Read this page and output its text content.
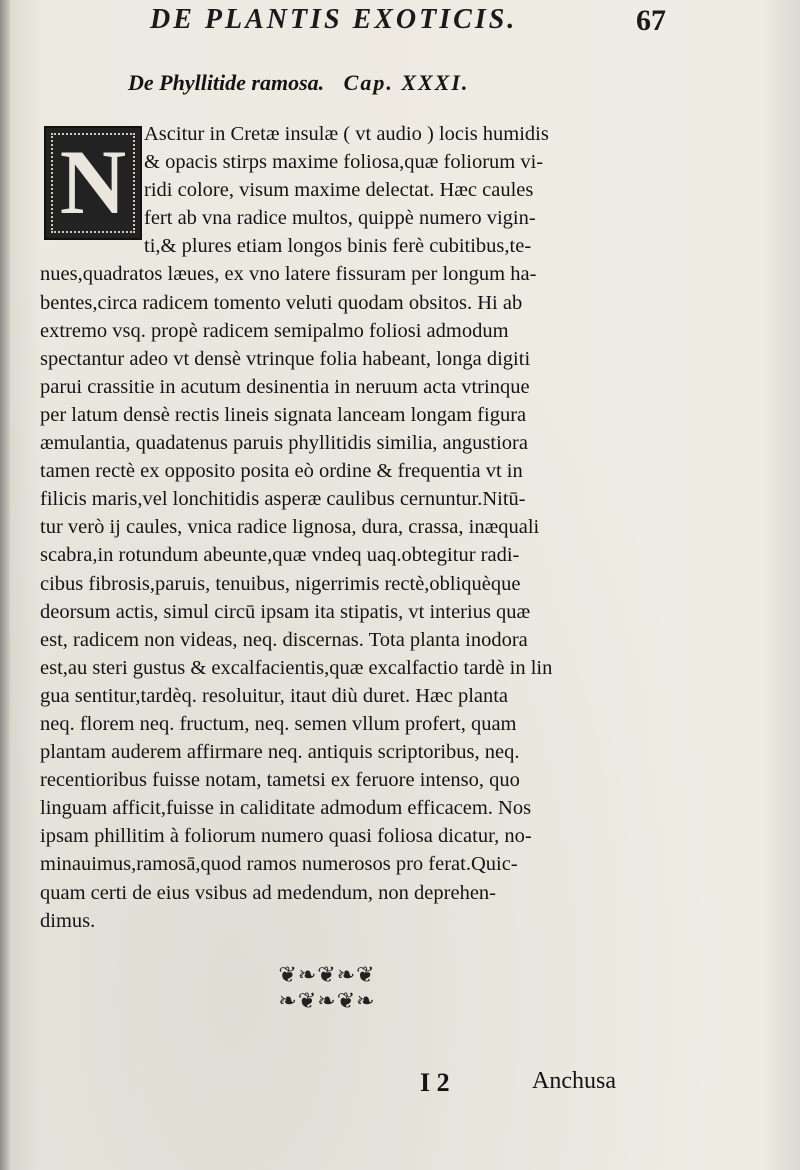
DE PLANTIS EXOTICIS.	67
De Phyllitide ramosa. Cap. XXXI.
N Ascitur in Cretæ insulæ ( vt audio ) locis humidis
& opacis stirps maxime foliosa,quæ foliorum vi-
ridi colore, visum maxime delectat. Hæc caules
fert ab vna radice multos, quippè numero vigin-
ti,& plures etiam longos binis ferè cubitibus,te-
nues,quadratos læues, ex vno latere fissuram per longum ha-
bentes,circa radicem tomento veluti quodam obsitos. Hi ab
extremo vsq. propè radicem semipalmo foliosi admodum
spectantur adeo vt densè vtrinque folia habeant, longa digiti
parui crassitie in acutum desinentia in neruum acta vtrinque
per latum densè rectis lineis signata lanceam longam figura
æmulantia, quadatenus paruis phyllitidis similia, angustiora
tamen rectè ex opposito posita eò ordine & frequentia vt in
filicis maris,vel lonchitidis asperæ caulibus cernuntur.Nitū-
tur verò ij caules, vnica radice lignosa, dura, crassa, inæquali
scabra,in rotundum abeunte,quæ vndeq uaq.obtegitur radi-
cibus fibrosis,paruis, tenuibus, nigerrimis rectè,obliquèque
deorsum actis, simul circū ipsam ita stipatis, vt interius quæ
est, radicem non videas, neq. discernas. Tota planta inodora
est,au steri gustus & excalfacientis,quæ excalfactio tardè in lin
gua sentitur,tardèq. resoluitur, itaut diù duret. Hæc planta
neq. florem neq. fructum, neq. semen vllum profert, quam
plantam auderem affirmare neq. antiquis scriptoribus, neq.
recentioribus fuisse notam, tametsi ex feruore intenso, quo
linguam afficit,fuisse in caliditate admodum efficacem. Nos
ipsam phillitim à foliorum numero quasi foliosa dicatur, no-
minauimus,ramosā,quod ramos numerosos pro ferat.Quic-
quam certi de eius vsibus ad medendum, non deprehen-
dimus.
❦❧❦❧❦
❧❦❧❦❧
I 2	Anchusa
